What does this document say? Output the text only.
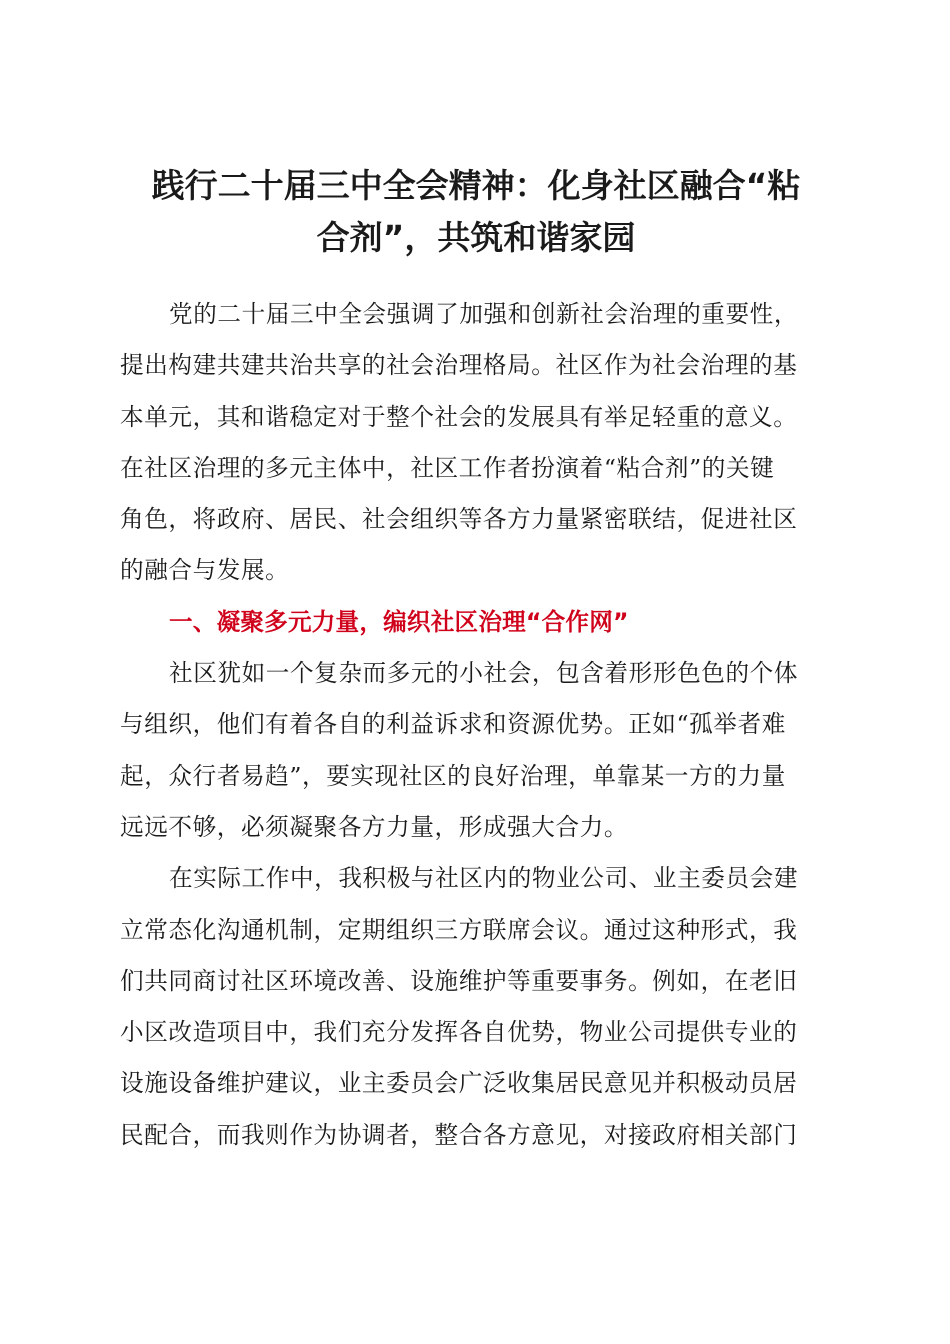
践行二十届三中全会精神：化身社区融合“粘
合剂”，共筑和谐家园
党的二十届三中全会强调了加强和创新社会治理的重要性，
提出构建共建共治共享的社会治理格局。社区作为社会治理的基
本单元，其和谐稳定对于整个社会的发展具有举足轻重的意义。
在社区治理的多元主体中，社区工作者扮演着“粘合剂”的关键
角色，将政府、居民、社会组织等各方力量紧密联结，促进社区
的融合与发展。
一、凝聚多元力量，编织社区治理“合作网”
社区犹如一个复杂而多元的小社会，包含着形形色色的个体
与组织，他们有着各自的利益诉求和资源优势。正如“孤举者难
起，众行者易趋”，要实现社区的良好治理，单靠某一方的力量
远远不够，必须凝聚各方力量，形成强大合力。
在实际工作中，我积极与社区内的物业公司、业主委员会建
立常态化沟通机制，定期组织三方联席会议。通过这种形式，我
们共同商讨社区环境改善、设施维护等重要事务。例如，在老旧
小区改造项目中，我们充分发挥各自优势，物业公司提供专业的
设施设备维护建议，业主委员会广泛收集居民意见并积极动员居
民配合，而我则作为协调者，整合各方意见，对接政府相关部门
